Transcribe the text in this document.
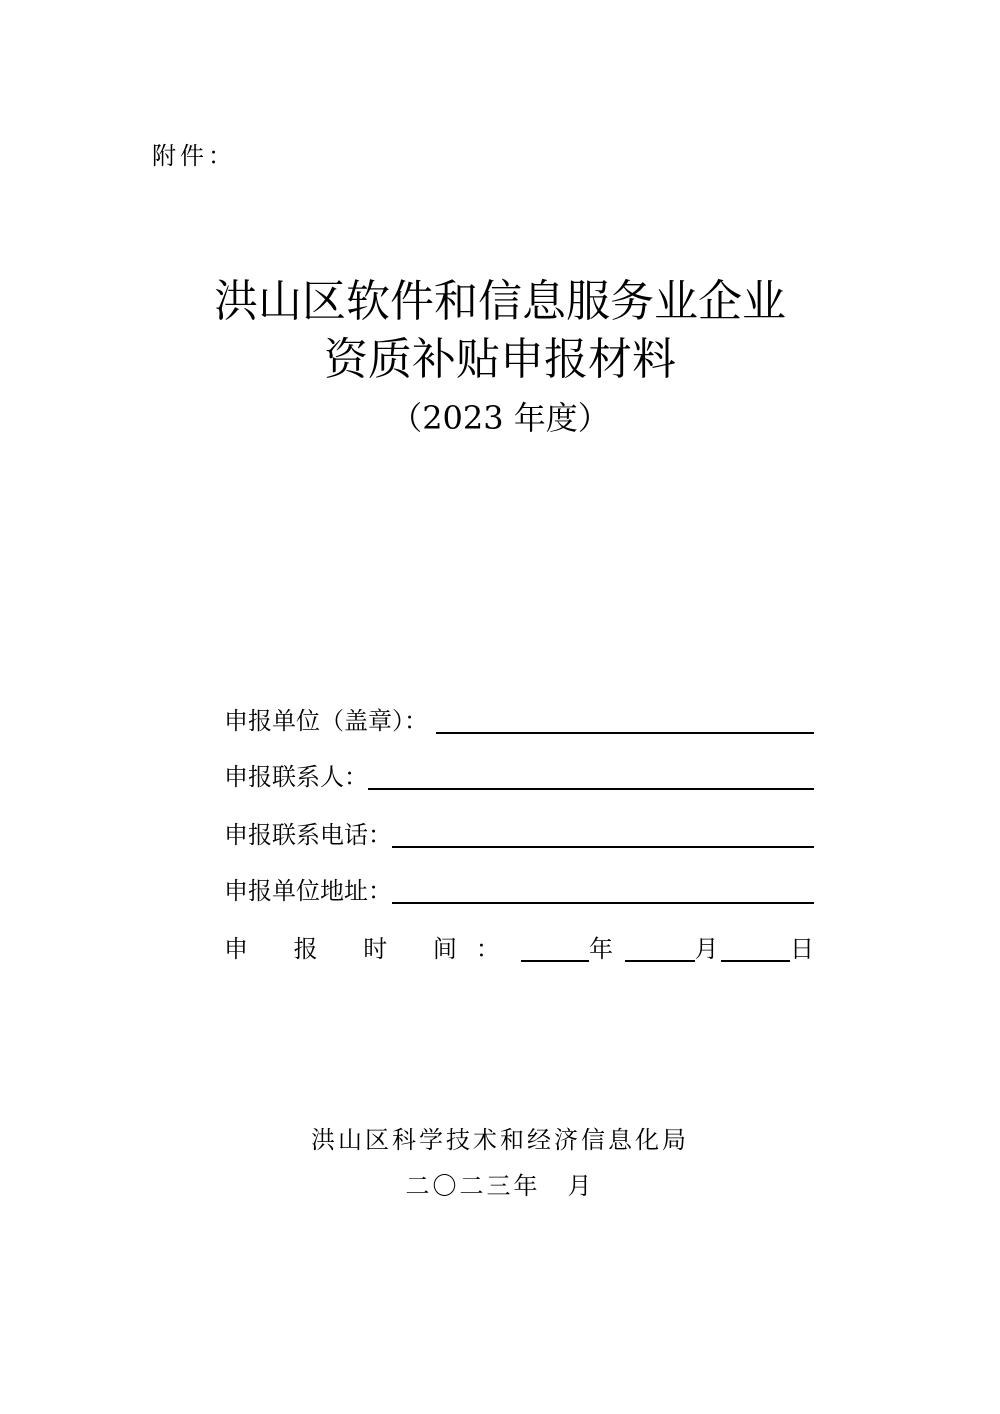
附件：
洪山区软件和信息服务业企业
资质补贴申报材料
（2023 年度）
申报单位（盖章）：
申报联系人：
申报联系电话：
申报单位地址：
申 报 时 间：	年	月	日
洪山区科学技术和经济信息化局
二〇二三年　月
